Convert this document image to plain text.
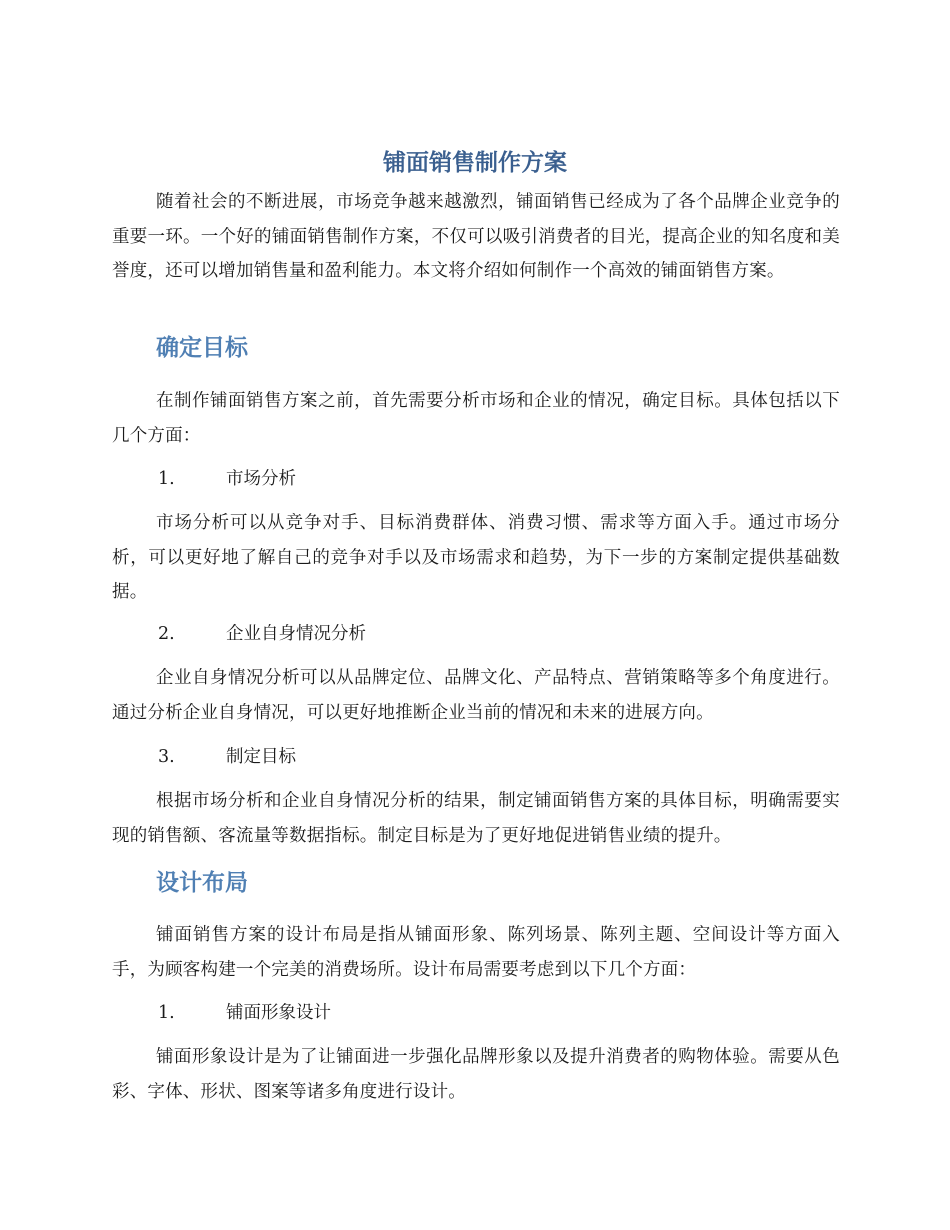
铺面销售制作方案

随着社会的不断进展，市场竞争越来越激烈，铺面销售已经成为了各个品牌企业竞争的重要一环。一个好的铺面销售制作方案，不仅可以吸引消费者的目光，提高企业的知名度和美誉度，还可以增加销售量和盈利能力。本文将介绍如何制作一个高效的铺面销售方案。

确定目标

在制作铺面销售方案之前，首先需要分析市场和企业的情况，确定目标。具体包括以下几个方面：

1.	市场分析

市场分析可以从竞争对手、目标消费群体、消费习惯、需求等方面入手。通过市场分析，可以更好地了解自己的竞争对手以及市场需求和趋势，为下一步的方案制定提供基础数据。

2.	企业自身情况分析

企业自身情况分析可以从品牌定位、品牌文化、产品特点、营销策略等多个角度进行。通过分析企业自身情况，可以更好地推断企业当前的情况和未来的进展方向。

3.	制定目标

根据市场分析和企业自身情况分析的结果，制定铺面销售方案的具体目标，明确需要实现的销售额、客流量等数据指标。制定目标是为了更好地促进销售业绩的提升。

设计布局

铺面销售方案的设计布局是指从铺面形象、陈列场景、陈列主题、空间设计等方面入手，为顾客构建一个完美的消费场所。设计布局需要考虑到以下几个方面：

1.	铺面形象设计

铺面形象设计是为了让铺面进一步强化品牌形象以及提升消费者的购物体验。需要从色彩、字体、形状、图案等诸多角度进行设计。
